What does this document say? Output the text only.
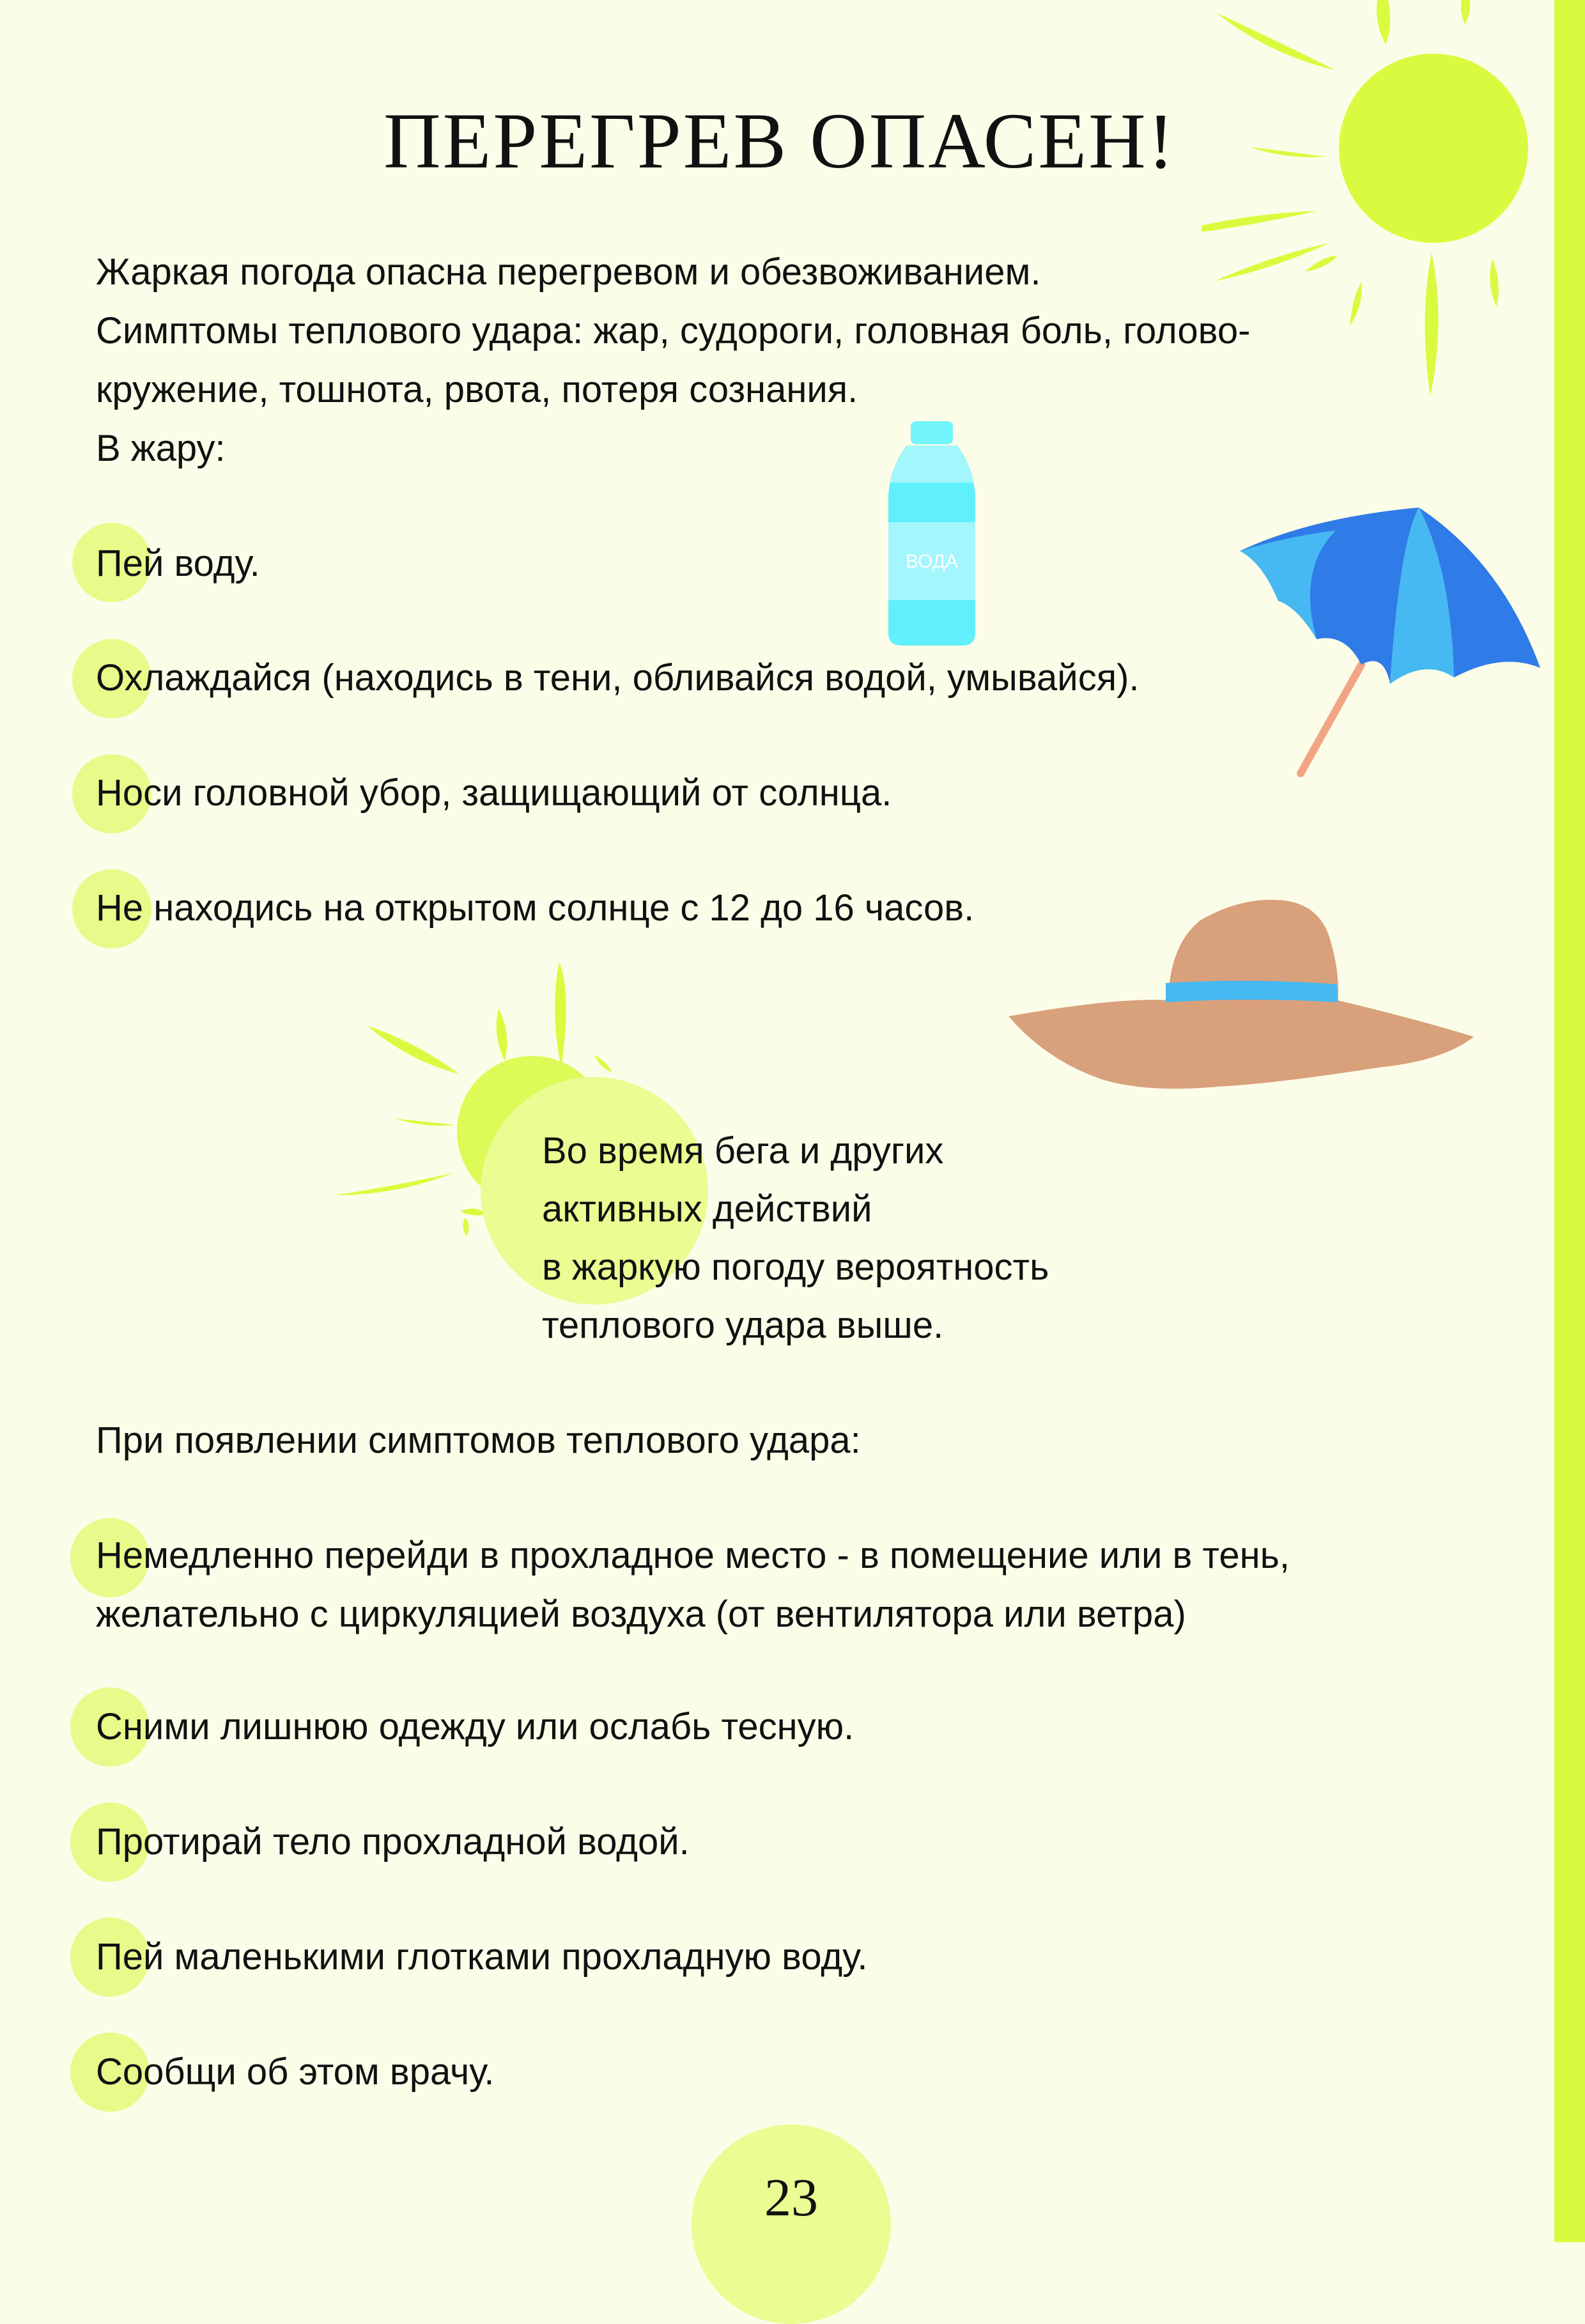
ПЕРЕГРЕВ ОПАСЕН!
Жаркая погода опасна перегревом и обезвоживанием.
Симптомы теплового удара: жар, судороги, головная боль, голово-
кружение, тошнота, рвота, потеря сознания.
В жару:
ВОДА
Пей воду.
Охлаждайся (находись в тени, обливайся водой, умывайся).
Носи головной убор, защищающий от солнца.
Не находись на открытом солнце с 12 до 16 часов.
Во время бега и других
активных действий
в жаркую погоду вероятность
теплового удара выше.
При появлении симптомов теплового удара:
Немедленно перейди в прохладное место - в помещение или в тень,
желательно с циркуляцией воздуха (от вентилятора или ветра)
Сними лишнюю одежду или ослабь тесную.
Протирай тело прохладной водой.
Пей маленькими глотками прохладную воду.
Сообщи об этом врачу.
23
